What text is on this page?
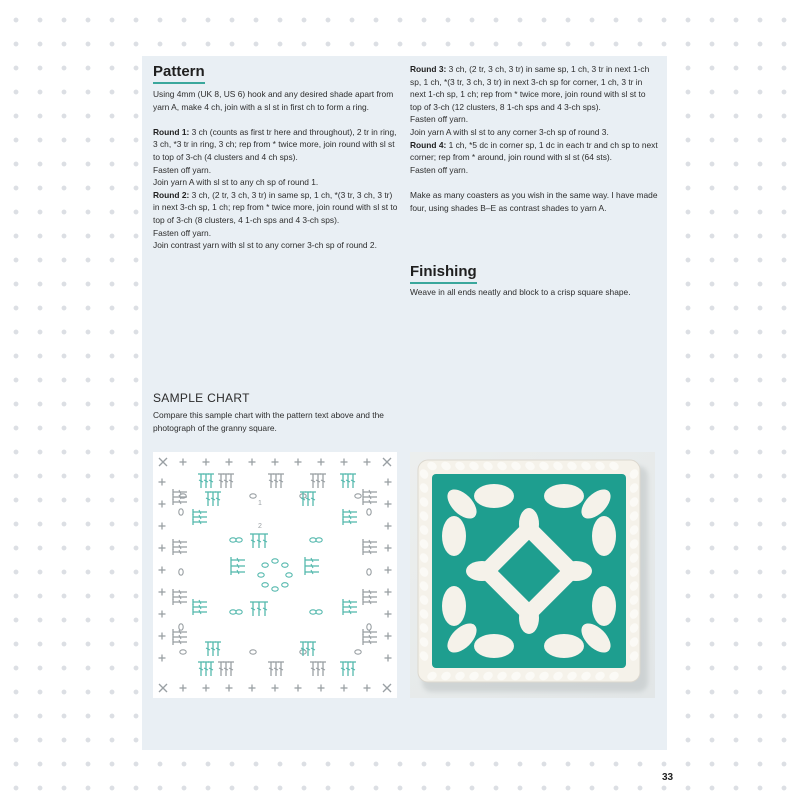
Pattern

Using 4mm (UK 8, US 6) hook and any desired shade apart from yarn A, make 4 ch, join with a sl st in first ch to form a ring.

Round 1: 3 ch (counts as first tr here and throughout), 2 tr in ring, 3 ch, *3 tr in ring, 3 ch; rep from * twice more, join round with sl st to top of 3-ch (4 clusters and 4 ch sps).

Fasten off yarn.

Join yarn A with sl st to any ch sp of round 1.

Round 2: 3 ch, (2 tr, 3 ch, 3 tr) in same sp, 1 ch, *(3 tr, 3 ch, 3 tr) in next 3-ch sp, 1 ch; rep from * twice more, join round with sl st to top of 3-ch (8 clusters, 4 1-ch sps and 4 3-ch sps).

Fasten off yarn.

Join contrast yarn with sl st to any corner 3-ch sp of round 2.

Round 3: 3 ch, (2 tr, 3 ch, 3 tr) in same sp, 1 ch, 3 tr in next 1-ch sp, 1 ch, *(3 tr, 3 ch, 3 tr) in next 3-ch sp for corner, 1 ch, 3 tr in next 1-ch sp, 1 ch; rep from * twice more, join round with sl st to top of 3-ch (12 clusters, 8 1-ch sps and 4 3-ch sps).

Fasten off yarn.

Join yarn A with sl st to any corner 3-ch sp of round 3.

Round 4: 1 ch, *5 dc in corner sp, 1 dc in each tr and ch sp to next corner; rep from * around, join round with sl st (64 sts).

Fasten off yarn.

Make as many coasters as you wish in the same way. I have made four, using shades B–E as contrast shades to yarn A.

Finishing
Weave in all ends neatly and block to a crisp square shape.
SAMPLE CHART
Compare this sample chart with the pattern text above and the photograph of the granny square.
1
2
33
